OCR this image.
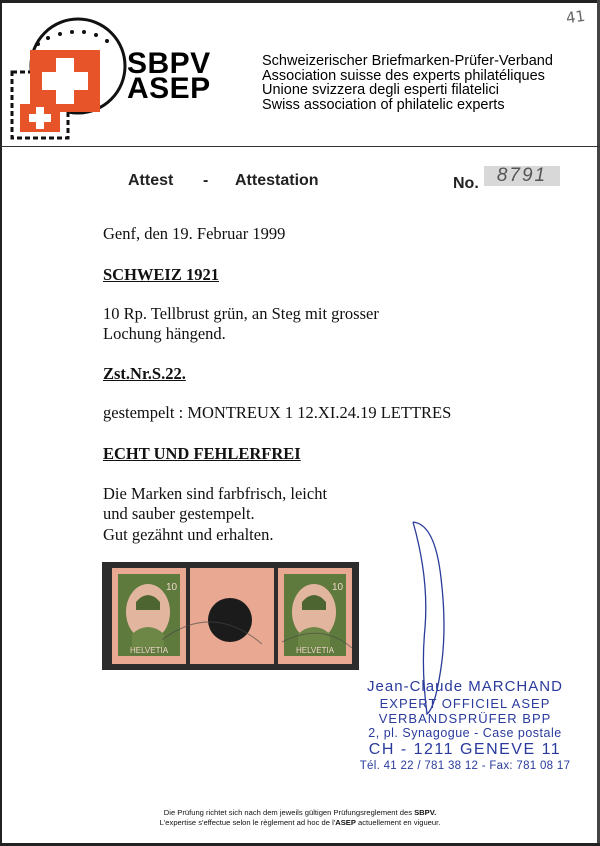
41
SBPV
ASEP
Schweizerischer Briefmarken-Prüfer-Verband
Association suisse des experts philatéliques
Unione svizzera degli esperti filatelici
Swiss association of philatelic experts
Attest - Attestation	No. 8791
Genf, den 19. Februar 1999
SCHWEIZ 1921
10 Rp. Tellbrust grün, an Steg mit grosser
Lochung hängend.
Zst.Nr.S.22.
gestempelt : MONTREUX 1 12.XI.24.19 LETTRES
ECHT UND FEHLERFREI
Die Marken sind farbfrisch, leicht
und sauber gestempelt.
Gut gezähnt und erhalten.
10
HELVETIA
10
HELVETIA
Jean-Claude MARCHAND
EXPERT OFFICIEL ASEP
VERBANDSPRÜFER BPP
2, pl. Synagogue - Case postale
CH - 1211 GENEVE 11
Tél. 41 22 / 781 38 12 - Fax: 781 08 17
Die Prüfung richtet sich nach dem jeweils gültigen Prüfungsreglement des SBPV.
L'expertise s'effectue selon le règlement ad hoc de l'ASEP actuellement en vigueur.
